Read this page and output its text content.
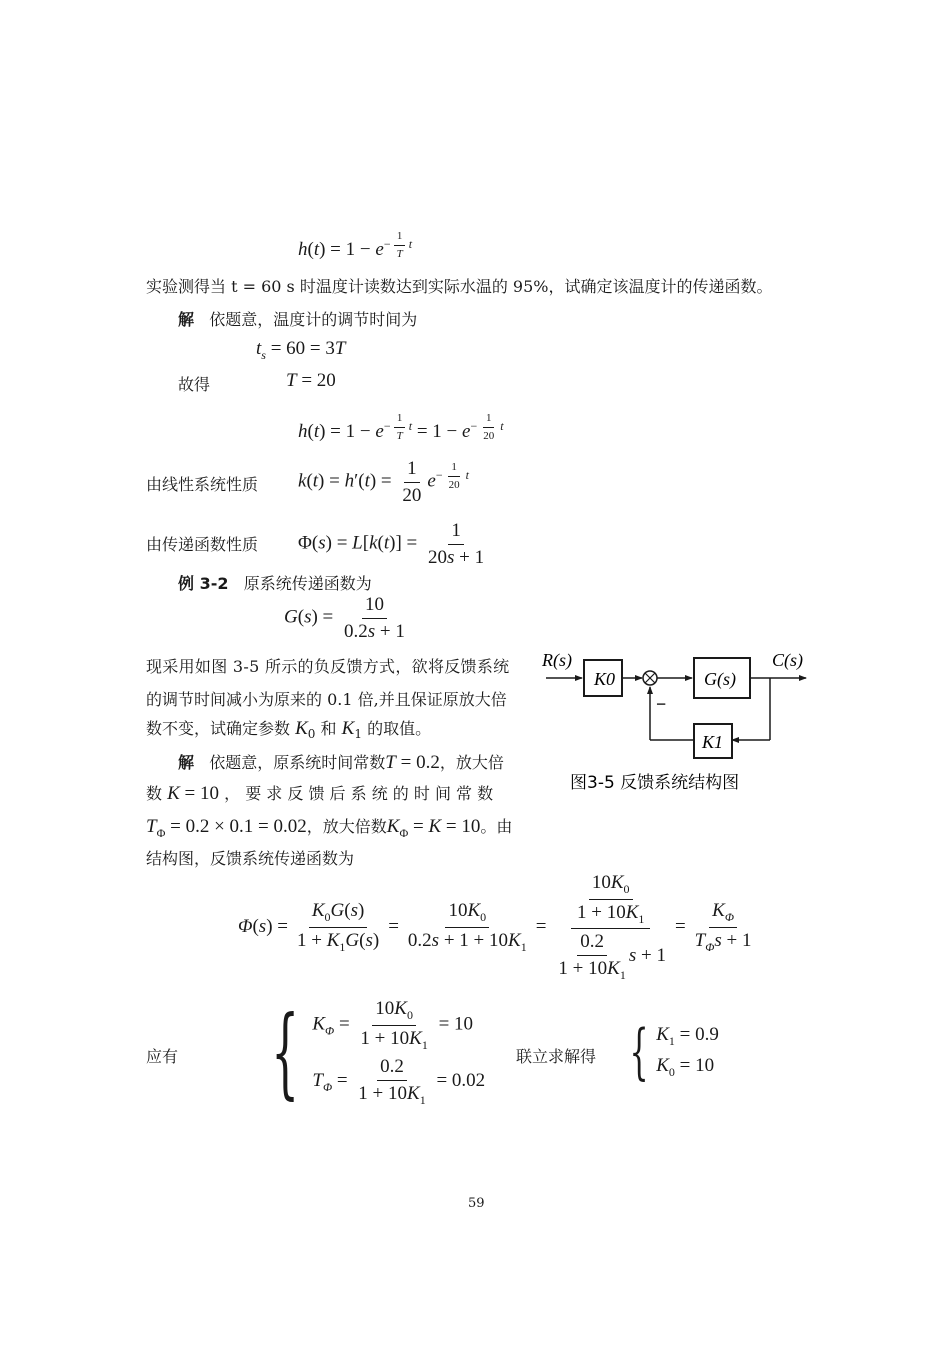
$h(t) = 1 - e^{- \frac{1}{T} t}$
实验测得当 t = 60 s 时温度计读数达到实际水温的 95%，试确定该温度计的传递函数。
解 依题意，温度计的调节时间为
$t_s = 60 = 3T$
故得	T = 20
$h(t) = 1 - e^{- \frac{1}{T} t} = 1 - e^{- \frac{1}{20} t}$
由线性系统性质 $k(t) = h'(t) = \frac{1}{20} e^{- \frac{1}{20} t}$
由传递函数性质 $\Phi(s) = L[k(t)] = \frac{1}{20s + 1}$
例 3-2 原系统传递函数为
$G(s) = \frac{10}{0.2s + 1}$
现采用如图 3-5 所示的负反馈方式，欲将反馈系统
的调节时间减小为原来的 0.1 倍,并且保证原放大倍
数不变，试确定参数 $K_0$ 和 $K_1$ 的取值。
解 依题意，原系统时间常数T = 0.2，放大倍
数 K = 10 ， 要 求 反 馈 后 系 统 的 时 间 常 数
$T_\Phi = 0.2 \times 0.1 = 0.02$，放大倍数$K_\Phi = K = 10$。由
结构图，反馈系统传递函数为
R(s)
K0	G(s)
C(s)
K1
−
图3-5 反馈系统结构图
Φ ( s ) = $\frac{K_0G(s)}{1 + K_1G(s)} = \frac{10K_0}{0.2s + 1 + 10K_1} = \frac{\frac{10K_0}{1 + 10K_1}}{\frac{0.2}{1 + 10K_1} s + 1} = \frac{K_\Phi}{T_\Phi s + 1}$
应有 { $K_\Phi = \frac{10K_0}{1 + 10K_1} = 10$
$T_\Phi = \frac{0.2}{1 + 10K_1} = 0.02$
联立求解得 { $K_1 = 0.9$
$K_0 = 10$
59
